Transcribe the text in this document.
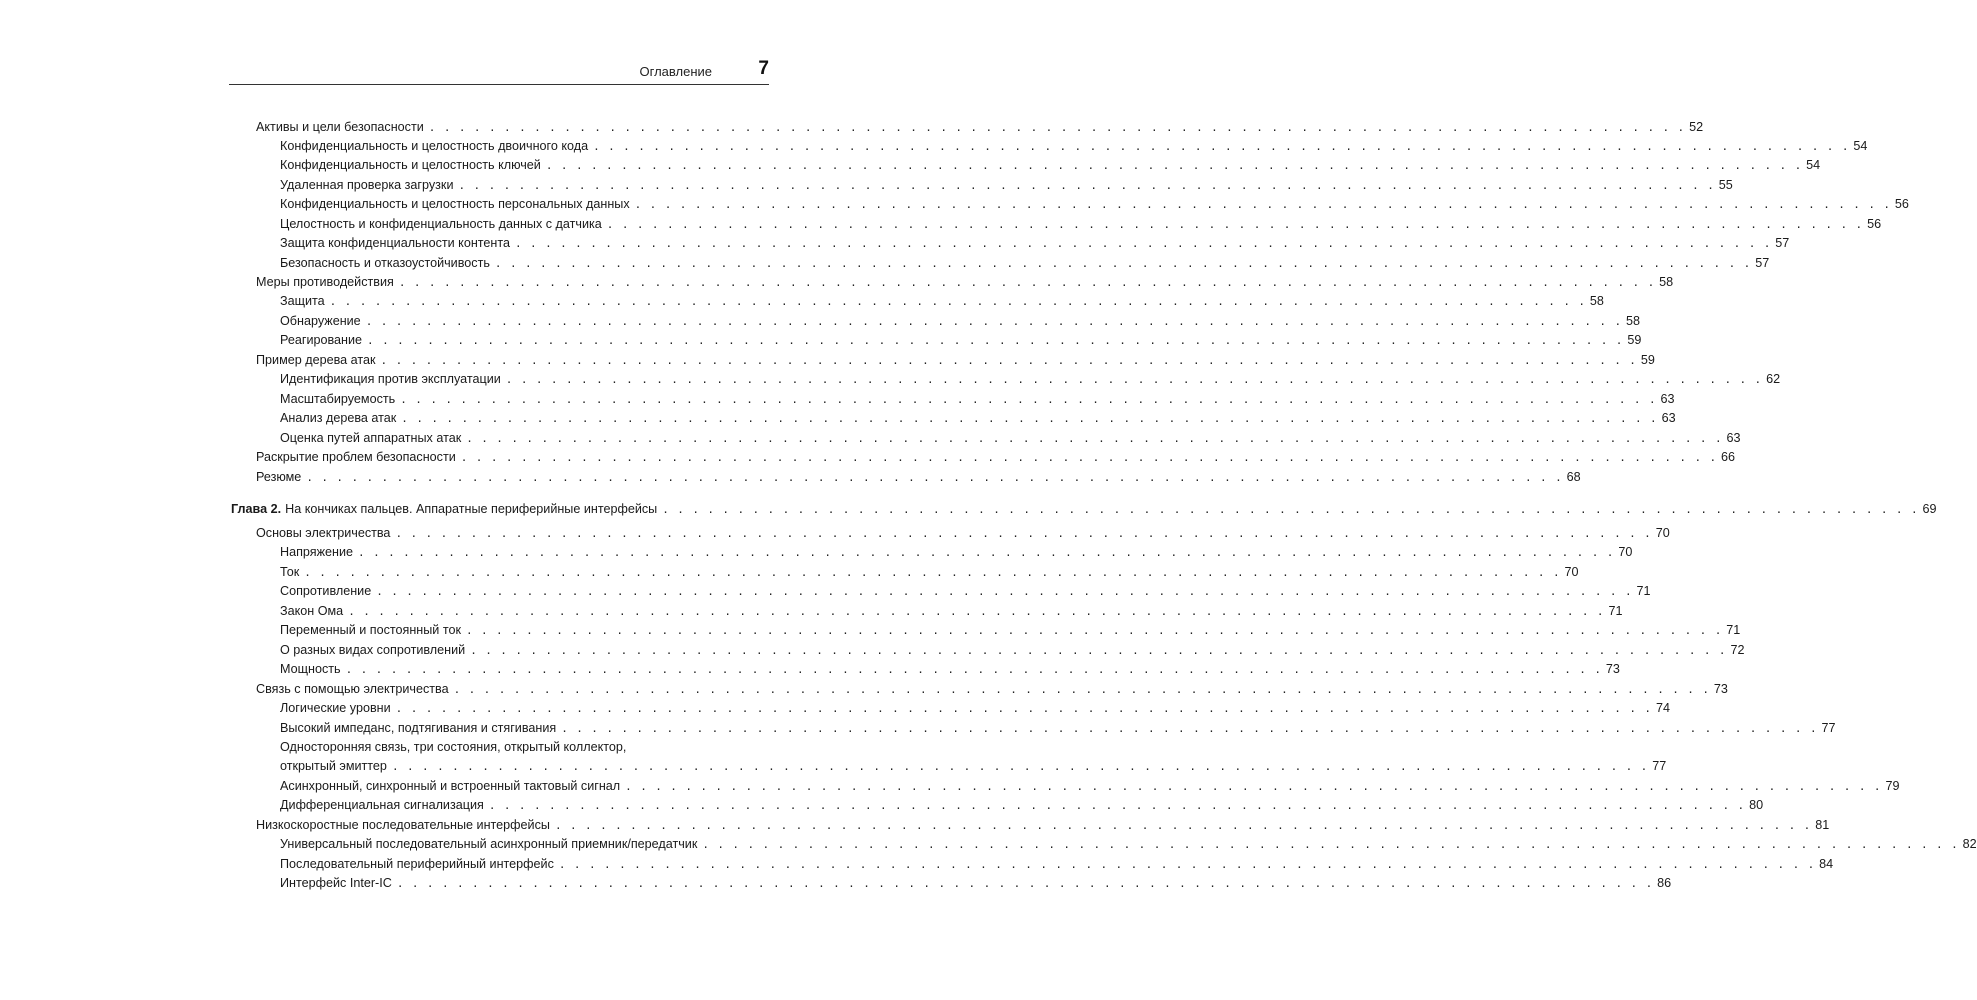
Оглавление 7
Активы и цели безопасности . . . . . . . . . . . . . . . . . . . . . . . . . . . . . . . . . . . . . . . . . . . . . . . . . . . . . . . . . . . . . . . . . . . . . . . . . . . . . . . . . . . . 52
Конфиденциальность и целостность двоичного кода . . . . . . . . . . . . . . . . . . . . . . . . . . . . . . . . . . . . . . . . . . . . . . . . . . . . . . . . . . . . . . . . . . . . . . . . . . . . . . . . . . . . 54
Конфиденциальность и целостность ключей . . . . . . . . . . . . . . . . . . . . . . . . . . . . . . . . . . . . . . . . . . . . . . . . . . . . . . . . . . . . . . . . . . . . . . . . . . . . . . . . . . . . 54
Удаленная проверка загрузки . . . . . . . . . . . . . . . . . . . . . . . . . . . . . . . . . . . . . . . . . . . . . . . . . . . . . . . . . . . . . . . . . . . . . . . . . . . . . . . . . . . . 55
Конфиденциальность и целостность персональных данных . . . . . . . . . . . . . . . . . . . . . . . . . . . . . . . . . . . . . . . . . . . . . . . . . . . . . . . . . . . . . . . . . . . . . . . . . . . . . . . . . . . . 56
Целостность и конфиденциальность данных с датчика . . . . . . . . . . . . . . . . . . . . . . . . . . . . . . . . . . . . . . . . . . . . . . . . . . . . . . . . . . . . . . . . . . . . . . . . . . . . . . . . . . . . 56
Защита конфиденциальности контента . . . . . . . . . . . . . . . . . . . . . . . . . . . . . . . . . . . . . . . . . . . . . . . . . . . . . . . . . . . . . . . . . . . . . . . . . . . . . . . . . . . . 57
Безопасность и отказоустойчивость . . . . . . . . . . . . . . . . . . . . . . . . . . . . . . . . . . . . . . . . . . . . . . . . . . . . . . . . . . . . . . . . . . . . . . . . . . . . . . . . . . . . 57
Меры противодействия . . . . . . . . . . . . . . . . . . . . . . . . . . . . . . . . . . . . . . . . . . . . . . . . . . . . . . . . . . . . . . . . . . . . . . . . . . . . . . . . . . . . 58
Защита . . . . . . . . . . . . . . . . . . . . . . . . . . . . . . . . . . . . . . . . . . . . . . . . . . . . . . . . . . . . . . . . . . . . . . . . . . . . . . . . . . . . 58
Обнаружение . . . . . . . . . . . . . . . . . . . . . . . . . . . . . . . . . . . . . . . . . . . . . . . . . . . . . . . . . . . . . . . . . . . . . . . . . . . . . . . . . . . . 58
Реагирование . . . . . . . . . . . . . . . . . . . . . . . . . . . . . . . . . . . . . . . . . . . . . . . . . . . . . . . . . . . . . . . . . . . . . . . . . . . . . . . . . . . . 59
Пример дерева атак . . . . . . . . . . . . . . . . . . . . . . . . . . . . . . . . . . . . . . . . . . . . . . . . . . . . . . . . . . . . . . . . . . . . . . . . . . . . . . . . . . . . 59
Идентификация против эксплуатации . . . . . . . . . . . . . . . . . . . . . . . . . . . . . . . . . . . . . . . . . . . . . . . . . . . . . . . . . . . . . . . . . . . . . . . . . . . . . . . . . . . . 62
Масштабируемость . . . . . . . . . . . . . . . . . . . . . . . . . . . . . . . . . . . . . . . . . . . . . . . . . . . . . . . . . . . . . . . . . . . . . . . . . . . . . . . . . . . . 63
Анализ дерева атак . . . . . . . . . . . . . . . . . . . . . . . . . . . . . . . . . . . . . . . . . . . . . . . . . . . . . . . . . . . . . . . . . . . . . . . . . . . . . . . . . . . . 63
Оценка путей аппаратных атак . . . . . . . . . . . . . . . . . . . . . . . . . . . . . . . . . . . . . . . . . . . . . . . . . . . . . . . . . . . . . . . . . . . . . . . . . . . . . . . . . . . . 63
Раскрытие проблем безопасности . . . . . . . . . . . . . . . . . . . . . . . . . . . . . . . . . . . . . . . . . . . . . . . . . . . . . . . . . . . . . . . . . . . . . . . . . . . . . . . . . . . . 66
Резюме . . . . . . . . . . . . . . . . . . . . . . . . . . . . . . . . . . . . . . . . . . . . . . . . . . . . . . . . . . . . . . . . . . . . . . . . . . . . . . . . . . . . 68
Глава 2. На кончиках пальцев. Аппаратные периферийные интерфейсы . . . . . . . . . . . . . . . . . . . . . . . . . . . . . . . . . . . . . . . . . . . . . . . . . . . . . . . . . . . . . . . . . . . . . . . . . . . . . . . . . . . . 69
Основы электричества . . . . . . . . . . . . . . . . . . . . . . . . . . . . . . . . . . . . . . . . . . . . . . . . . . . . . . . . . . . . . . . . . . . . . . . . . . . . . . . . . . . . 70
Напряжение . . . . . . . . . . . . . . . . . . . . . . . . . . . . . . . . . . . . . . . . . . . . . . . . . . . . . . . . . . . . . . . . . . . . . . . . . . . . . . . . . . . . 70
Ток . . . . . . . . . . . . . . . . . . . . . . . . . . . . . . . . . . . . . . . . . . . . . . . . . . . . . . . . . . . . . . . . . . . . . . . . . . . . . . . . . . . . 70
Сопротивление . . . . . . . . . . . . . . . . . . . . . . . . . . . . . . . . . . . . . . . . . . . . . . . . . . . . . . . . . . . . . . . . . . . . . . . . . . . . . . . . . . . . 71
Закон Ома . . . . . . . . . . . . . . . . . . . . . . . . . . . . . . . . . . . . . . . . . . . . . . . . . . . . . . . . . . . . . . . . . . . . . . . . . . . . . . . . . . . . 71
Переменный и постоянный ток . . . . . . . . . . . . . . . . . . . . . . . . . . . . . . . . . . . . . . . . . . . . . . . . . . . . . . . . . . . . . . . . . . . . . . . . . . . . . . . . . . . . 71
О разных видах сопротивлений . . . . . . . . . . . . . . . . . . . . . . . . . . . . . . . . . . . . . . . . . . . . . . . . . . . . . . . . . . . . . . . . . . . . . . . . . . . . . . . . . . . . 72
Мощность . . . . . . . . . . . . . . . . . . . . . . . . . . . . . . . . . . . . . . . . . . . . . . . . . . . . . . . . . . . . . . . . . . . . . . . . . . . . . . . . . . . . 73
Связь с помощью электричества . . . . . . . . . . . . . . . . . . . . . . . . . . . . . . . . . . . . . . . . . . . . . . . . . . . . . . . . . . . . . . . . . . . . . . . . . . . . . . . . . . . . 73
Логические уровни . . . . . . . . . . . . . . . . . . . . . . . . . . . . . . . . . . . . . . . . . . . . . . . . . . . . . . . . . . . . . . . . . . . . . . . . . . . . . . . . . . . . 74
Высокий импеданс, подтягивания и стягивания . . . . . . . . . . . . . . . . . . . . . . . . . . . . . . . . . . . . . . . . . . . . . . . . . . . . . . . . . . . . . . . . . . . . . . . . . . . . . . . . . . . . 77
Односторонняя связь, три состояния, открытый коллектор,
открытый эмиттер . . . . . . . . . . . . . . . . . . . . . . . . . . . . . . . . . . . . . . . . . . . . . . . . . . . . . . . . . . . . . . . . . . . . . . . . . . . . . . . . . . . . 77
Асинхронный, синхронный и встроенный тактовый сигнал . . . . . . . . . . . . . . . . . . . . . . . . . . . . . . . . . . . . . . . . . . . . . . . . . . . . . . . . . . . . . . . . . . . . . . . . . . . . . . . . . . . . 79
Дифференциальная сигнализация . . . . . . . . . . . . . . . . . . . . . . . . . . . . . . . . . . . . . . . . . . . . . . . . . . . . . . . . . . . . . . . . . . . . . . . . . . . . . . . . . . . . 80
Низкоскоростные последовательные интерфейсы . . . . . . . . . . . . . . . . . . . . . . . . . . . . . . . . . . . . . . . . . . . . . . . . . . . . . . . . . . . . . . . . . . . . . . . . . . . . . . . . . . . . 81
Универсальный последовательный асинхронный приемник/передатчик . . . . . . . . . . . . . . . . . . . . . . . . . . . . . . . . . . . . . . . . . . . . . . . . . . . . . . . . . . . . . . . . . . . . . . . . . . . . . . . . . . . . 82
Последовательный периферийный интерфейс . . . . . . . . . . . . . . . . . . . . . . . . . . . . . . . . . . . . . . . . . . . . . . . . . . . . . . . . . . . . . . . . . . . . . . . . . . . . . . . . . . . . 84
Интерфейс Inter-IC . . . . . . . . . . . . . . . . . . . . . . . . . . . . . . . . . . . . . . . . . . . . . . . . . . . . . . . . . . . . . . . . . . . . . . . . . . . . . . . . . . . . 86
